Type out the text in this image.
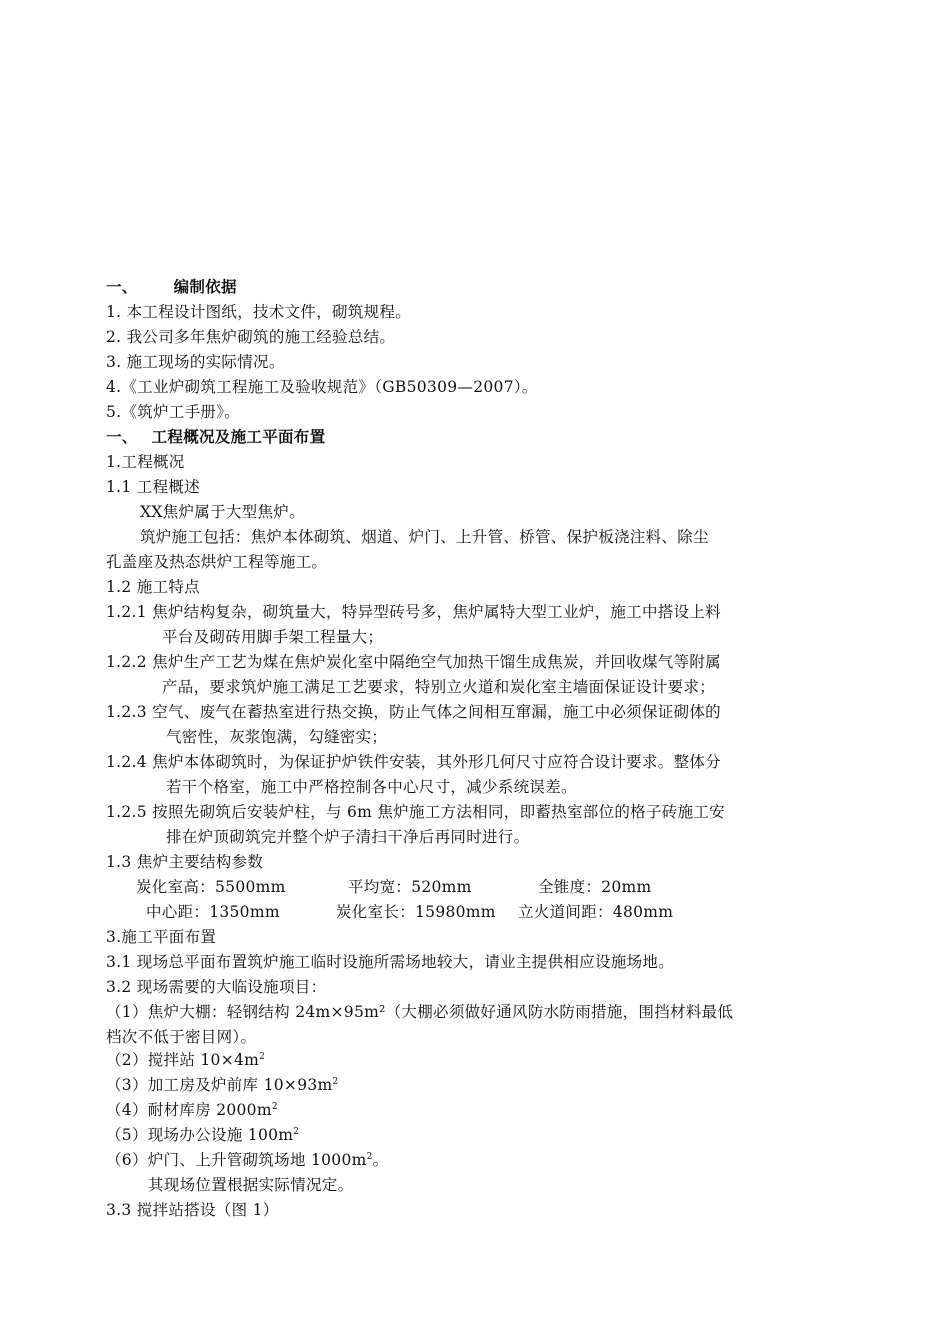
一、 编制依据
1. 本工程设计图纸，技术文件，砌筑规程。
2. 我公司多年焦炉砌筑的施工经验总结。
3. 施工现场的实际情况。
4.《工业炉砌筑工程施工及验收规范》（GB50309—2007）。
5.《筑炉工手册》。
一、 工程概况及施工平面布置
1.工程概况
1.1 工程概述
XX焦炉属于大型焦炉。
筑炉施工包括：焦炉本体砌筑、烟道、炉门、上升管、桥管、保护板浇注料、除尘
孔盖座及热态烘炉工程等施工。
1.2 施工特点
1.2.1 焦炉结构复杂，砌筑量大，特异型砖号多，焦炉属特大型工业炉，施工中搭设上料
平台及砌砖用脚手架工程量大；
1.2.2 焦炉生产工艺为煤在焦炉炭化室中隔绝空气加热干馏生成焦炭，并回收煤气等附属
产品，要求筑炉施工满足工艺要求，特别立火道和炭化室主墙面保证设计要求；
1.2.3 空气、废气在蓄热室进行热交换，防止气体之间相互窜漏，施工中必须保证砌体的
气密性，灰浆饱满，勾缝密实；
1.2.4 焦炉本体砌筑时，为保证护炉铁件安装，其外形几何尺寸应符合设计要求。整体分
若干个格室，施工中严格控制各中心尺寸，减少系统误差。
1.2.5 按照先砌筑后安装炉柱，与 6m 焦炉施工方法相同，即蓄热室部位的格子砖施工安
排在炉顶砌筑完并整个炉子清扫干净后再同时进行。
1.3 焦炉主要结构参数
炭化室高：5500mm	平均宽：520mm	全锥度：20mm
中心距：1350mm	炭化室长：15980mm 立火道间距：480mm
3.施工平面布置
3.1 现场总平面布置筑炉施工临时设施所需场地较大，请业主提供相应设施场地。
3.2 现场需要的大临设施项目：
（1）焦炉大棚：轻钢结构 24m×95m²（大棚必须做好通风防水防雨措施，围挡材料最低
档次不低于密目网）。
（2）搅拌站 $10\times 4m^2$
（3）加工房及炉前库 $10\times 93m^2$
（4）耐材库房 $2000m^2$
（5）现场办公设施 $100m^2$
（6）炉门、上升管砌筑场地 $1000m^2$。
其现场位置根据实际情况定。
3.3 搅拌站搭设（图 1）
